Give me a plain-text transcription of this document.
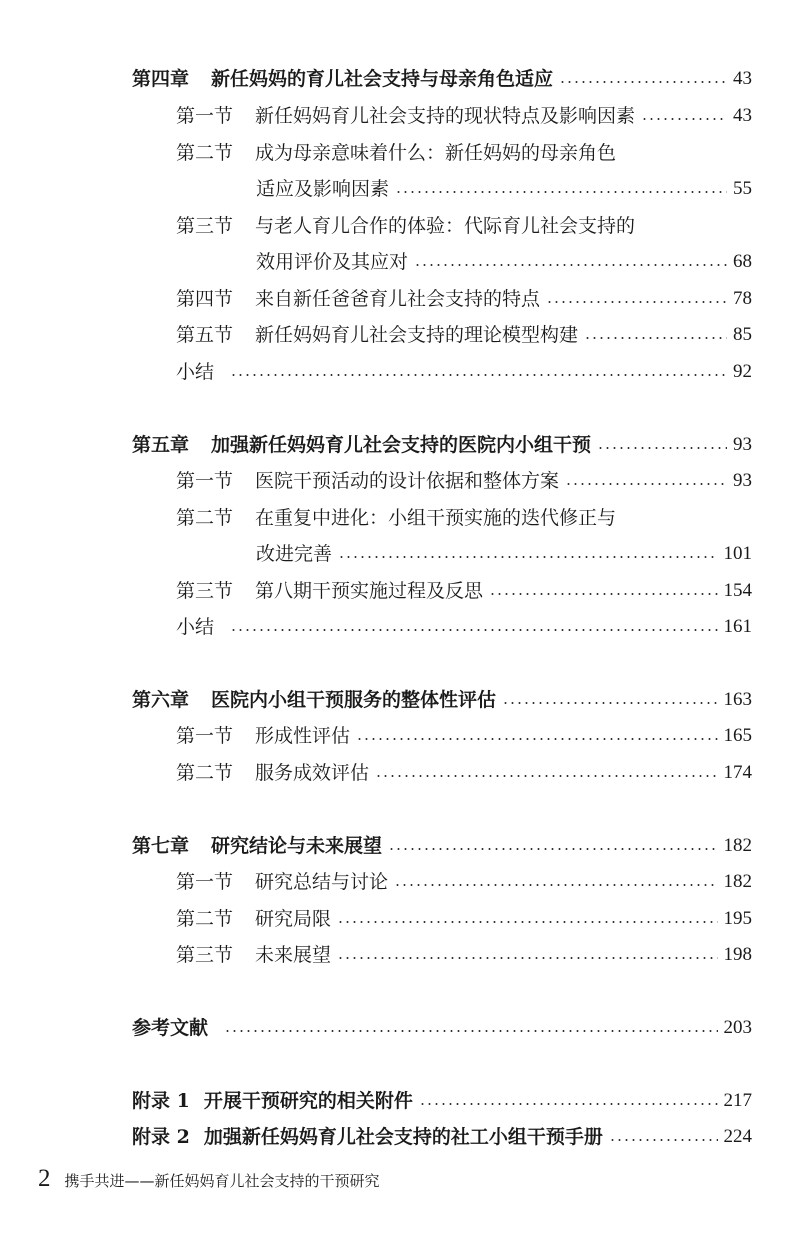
第四章 新任妈妈的育儿社会支持与母亲角色适应	43
第一节 新任妈妈育儿社会支持的现状特点及影响因素	43
第二节 成为母亲意味着什么：新任妈妈的母亲角色
适应及影响因素	55
第三节 与老人育儿合作的体验：代际育儿社会支持的
效用评价及其应对	68
第四节 来自新任爸爸育儿社会支持的特点	78
第五节 新任妈妈育儿社会支持的理论模型构建	85
小结	92
第五章 加强新任妈妈育儿社会支持的医院内小组干预	93
第一节 医院干预活动的设计依据和整体方案	93
第二节 在重复中进化：小组干预实施的迭代修正与
改进完善	101
第三节 第八期干预实施过程及反思	154
小结	161
第六章 医院内小组干预服务的整体性评估	163
第一节 形成性评估	165
第二节 服务成效评估	174
第七章 研究结论与未来展望	182
第一节 研究总结与讨论	182
第二节 研究局限	195
第三节 未来展望	198
参考文献	203
附录 1 开展干预研究的相关附件	217
附录 2 加强新任妈妈育儿社会支持的社工小组干预手册	224
2 携手共进——新任妈妈育儿社会支持的干预研究
